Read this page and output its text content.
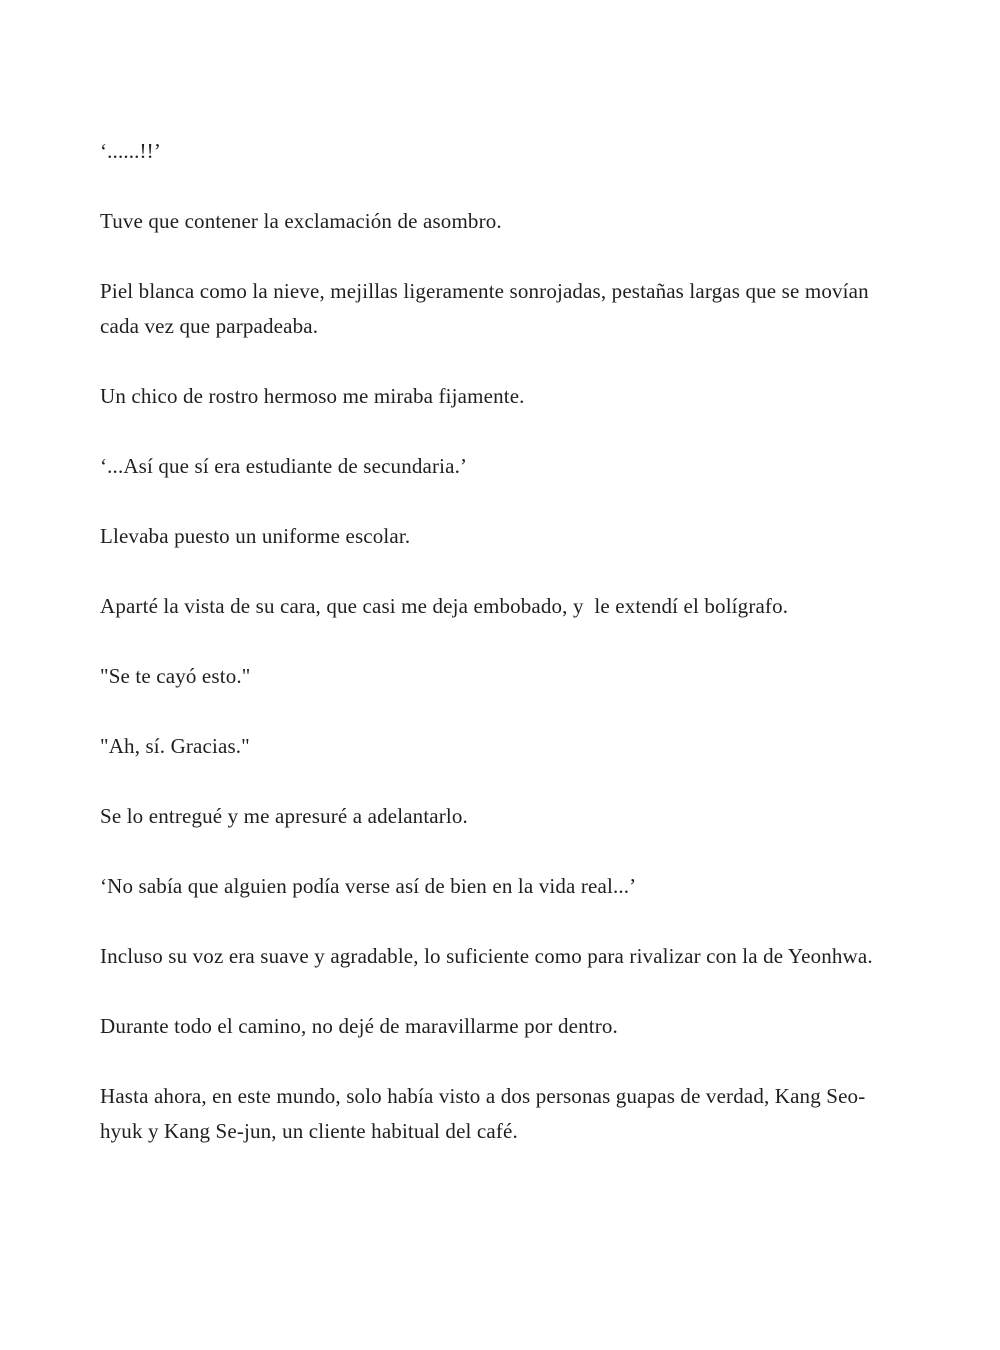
‘......!!’

Tuve que contener la exclamación de asombro.

Piel blanca como la nieve, mejillas ligeramente sonrojadas, pestañas largas que se movían cada vez que parpadeaba.

Un chico de rostro hermoso me miraba fijamente.

‘...Así que sí era estudiante de secundaria.’

Llevaba puesto un uniforme escolar.

Aparté la vista de su cara, que casi me deja embobado, y  le extendí el bolígrafo.

"Se te cayó esto."

"Ah, sí. Gracias."

Se lo entregué y me apresuré a adelantarlo.

‘No sabía que alguien podía verse así de bien en la vida real...’

Incluso su voz era suave y agradable, lo suficiente como para rivalizar con la de Yeonhwa.

Durante todo el camino, no dejé de maravillarme por dentro.

Hasta ahora, en este mundo, solo había visto a dos personas guapas de verdad, Kang Seo-hyuk y Kang Se-jun, un cliente habitual del café.
